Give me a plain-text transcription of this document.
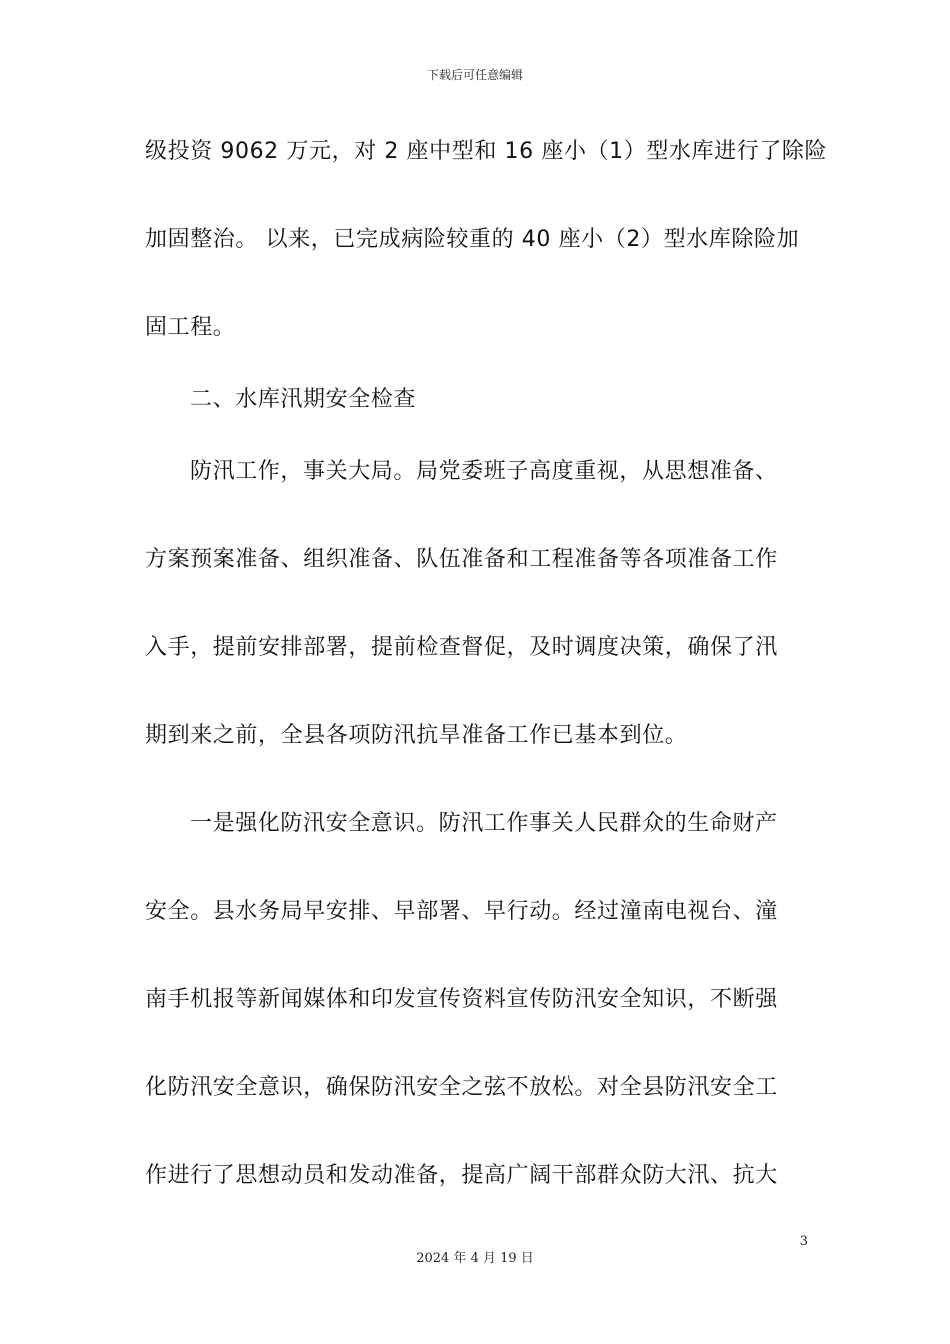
下载后可任意编辑
级投资 9062 万元，对 2 座中型和 16 座小（1）型水库进行了除险
加固整治。 以来，已完成病险较重的 40 座小（2）型水库除险加
固工程。
二、水库汛期安全检查
防汛工作，事关大局。局党委班子高度重视，从思想准备、
方案预案准备、组织准备、队伍准备和工程准备等各项准备工作
入手，提前安排部署，提前检查督促，及时调度决策，确保了汛
期到来之前，全县各项防汛抗旱准备工作已基本到位。
一是强化防汛安全意识。防汛工作事关人民群众的生命财产
安全。县水务局早安排、早部署、早行动。经过潼南电视台、潼
南手机报等新闻媒体和印发宣传资料宣传防汛安全知识，不断强
化防汛安全意识，确保防汛安全之弦不放松。对全县防汛安全工
作进行了思想动员和发动准备，提高广阔干部群众防大汛、抗大
3
2024 年 4 月 19 日
